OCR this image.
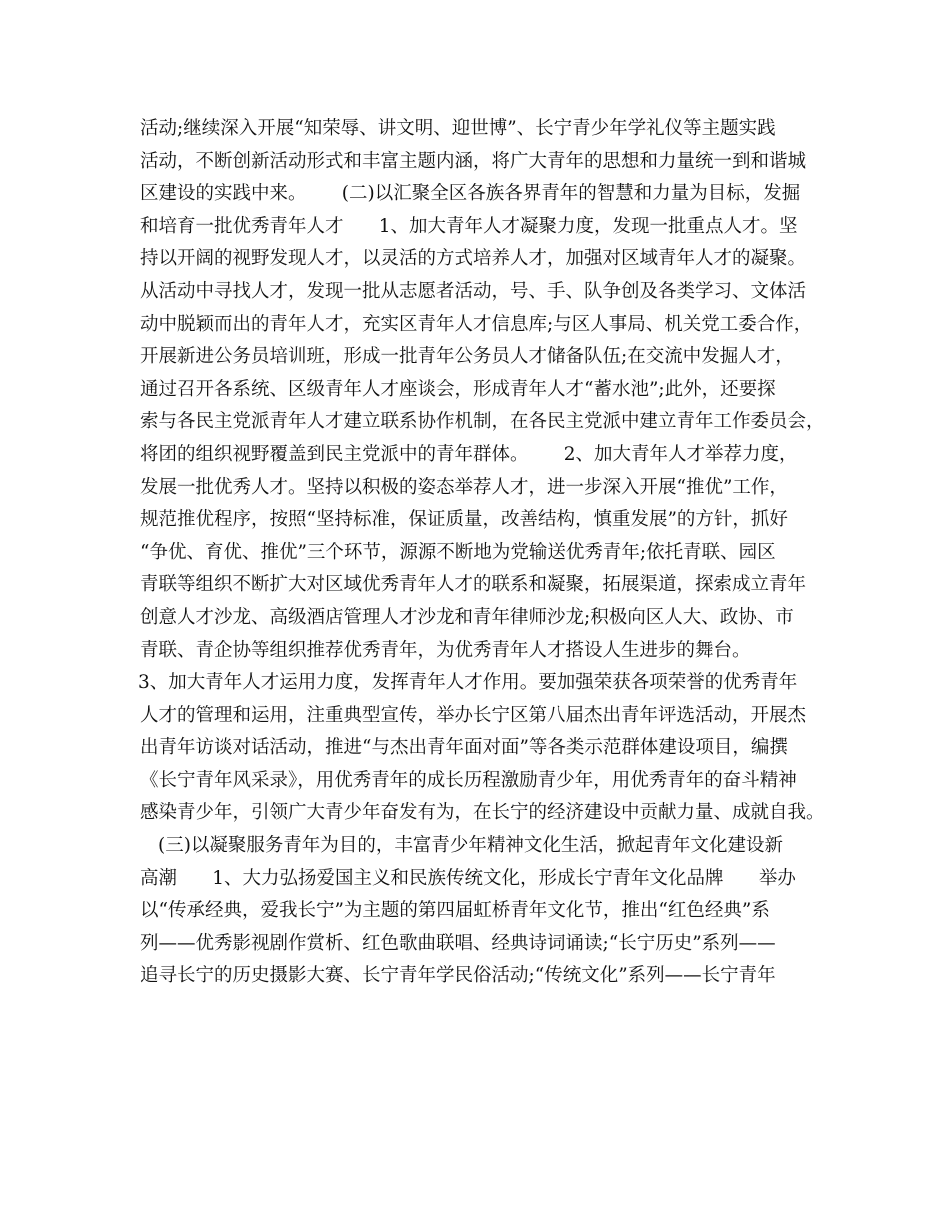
活动;继续深入开展“知荣辱、讲文明、迎世博”、长宁青少年学礼仪等主题实践
活动，不断创新活动形式和丰富主题内涵，将广大青年的思想和力量统一到和谐城
区建设的实践中来。      (二)以汇聚全区各族各界青年的智慧和力量为目标，发掘
和培育一批优秀青年人才      1、加大青年人才凝聚力度，发现一批重点人才。坚
持以开阔的视野发现人才，以灵活的方式培养人才，加强对区域青年人才的凝聚。
从活动中寻找人才，发现一批从志愿者活动，号、手、队争创及各类学习、文体活
动中脱颖而出的青年人才，充实区青年人才信息库;与区人事局、机关党工委合作，
开展新进公务员培训班，形成一批青年公务员人才储备队伍;在交流中发掘人才，
通过召开各系统、区级青年人才座谈会，形成青年人才“蓄水池”;此外，还要探
索与各民主党派青年人才建立联系协作机制，在各民主党派中建立青年工作委员会，
将团的组织视野覆盖到民主党派中的青年群体。      2、加大青年人才举荐力度，
发展一批优秀人才。坚持以积极的姿态举荐人才，进一步深入开展“推优”工作，
规范推优程序，按照“坚持标准，保证质量，改善结构，慎重发展”的方针，抓好
“争优、育优、推优”三个环节，源源不断地为党输送优秀青年;依托青联、园区
青联等组织不断扩大对区域优秀青年人才的联系和凝聚，拓展渠道，探索成立青年
创意人才沙龙、高级酒店管理人才沙龙和青年律师沙龙;积极向区人大、政协、市
青联、青企协等组织推荐优秀青年，为优秀青年人才搭设人生进步的舞台。
3、加大青年人才运用力度，发挥青年人才作用。要加强荣获各项荣誉的优秀青年
人才的管理和运用，注重典型宣传，举办长宁区第八届杰出青年评选活动，开展杰
出青年访谈对话活动，推进“与杰出青年面对面”等各类示范群体建设项目，编撰
《长宁青年风采录》，用优秀青年的成长历程激励青少年，用优秀青年的奋斗精神
感染青少年，引领广大青少年奋发有为，在长宁的经济建设中贡献力量、成就自我。
(三)以凝聚服务青年为目的，丰富青少年精神文化生活，掀起青年文化建设新
高潮      1、大力弘扬爱国主义和民族传统文化，形成长宁青年文化品牌      举办
以“传承经典，爱我长宁”为主题的第四届虹桥青年文化节，推出“红色经典”系
列——优秀影视剧作赏析、红色歌曲联唱、经典诗词诵读;“长宁历史”系列——
追寻长宁的历史摄影大赛、长宁青年学民俗活动;“传统文化”系列——长宁青年
